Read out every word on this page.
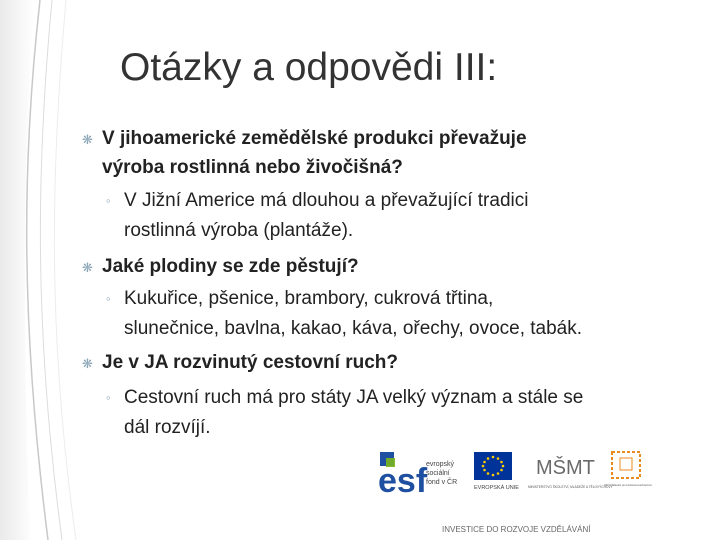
Otázky a odpovědi III:
❋ V jihoamerické zemědělské produkci převažuje
výroba rostlinná nebo živočišná?
◦ V Jižní Americe má dlouhou a převažující tradici
rostlinná výroba (plantáže).
❋ Jaké plodiny se zde pěstují?
◦ Kukuřice, pšenice, brambory, cukrová třtina,
slunečnice, bavlna, kakao, káva, ořechy, ovoce, tabák.
❋ Je v JA rozvinutý cestovní ruch?
◦ Cestovní ruch má pro státy JA velký význam a stále se
dál rozvíjí.
esf
evropský
sociální
fond v ČR
EVROPSKÁ UNIE
MŠMT
MINISTERSTVO ŠKOLSTVÍ, MLÁDEŽE A TĚLOVÝCHOVY
OP Vzdělávání pro konkurenceschopnost
INVESTICE DO ROZVOJE VZDĚLÁVÁNÍ
